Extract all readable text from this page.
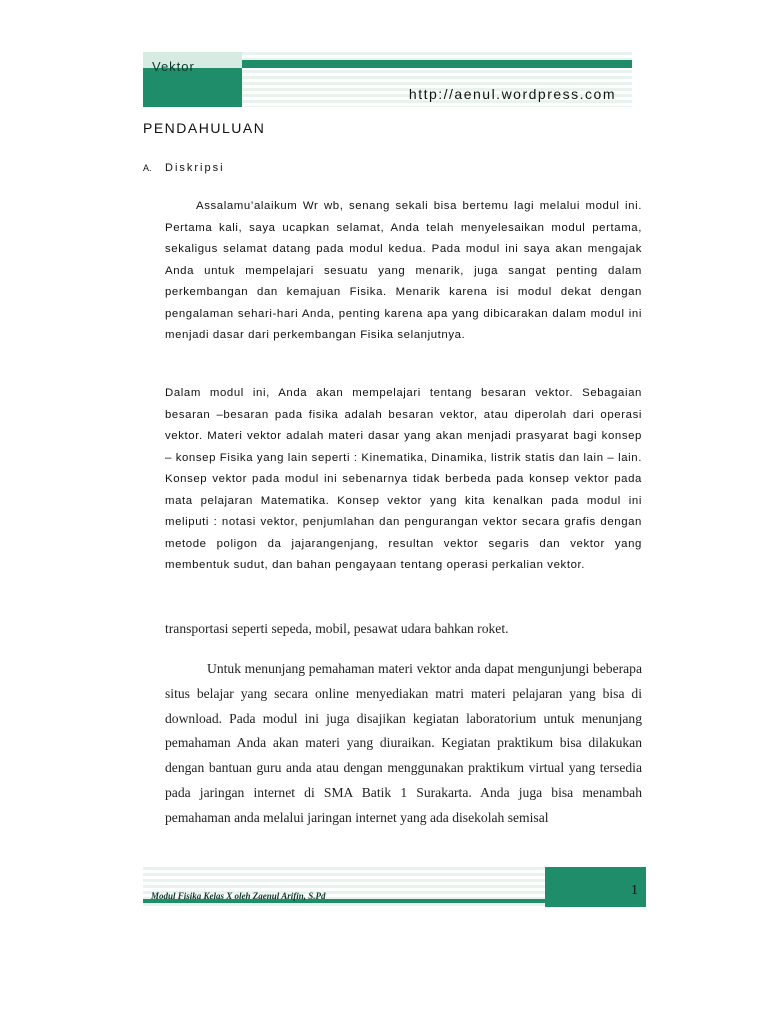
Vektor
http://aenul.wordpress.com
PENDAHULUAN
A. Diskripsi

Assalamu’alaikum Wr wb, senang sekali bisa bertemu lagi melalui modul ini. Pertama kali, saya ucapkan selamat, Anda telah menyelesaikan modul pertama, sekaligus selamat datang pada modul kedua. Pada modul ini saya akan mengajak Anda untuk mempelajari sesuatu yang menarik, juga sangat penting dalam perkembangan dan kemajuan Fisika. Menarik karena isi modul dekat dengan pengalaman sehari-hari Anda, penting karena apa yang dibicarakan dalam modul ini menjadi dasar dari perkembangan Fisika selanjutnya.

Dalam modul ini, Anda akan mempelajari tentang besaran vektor. Sebagaian besaran –besaran pada fisika adalah besaran vektor, atau diperolah dari operasi vektor. Materi vektor adalah materi dasar yang akan menjadi prasyarat bagi konsep – konsep Fisika yang lain seperti : Kinematika, Dinamika, listrik statis dan lain – lain. Konsep vektor pada modul ini sebenarnya tidak berbeda pada konsep vektor pada mata pelajaran Matematika. Konsep vektor yang kita kenalkan pada modul ini meliputi : notasi vektor, penjumlahan dan pengurangan vektor secara grafis dengan metode poligon da jajarangenjang, resultan vektor segaris dan vektor yang membentuk sudut, dan bahan pengayaan tentang operasi perkalian vektor.

transportasi seperti sepeda, mobil, pesawat udara bahkan roket.

Untuk menunjang pemahaman materi vektor anda dapat mengunjungi beberapa situs belajar yang secara online menyediakan matri materi pelajaran yang bisa di download. Pada modul ini juga disajikan kegiatan laboratorium untuk menunjang pemahaman Anda akan materi yang diuraikan. Kegiatan praktikum bisa dilakukan dengan bantuan guru anda atau dengan menggunakan praktikum virtual yang tersedia pada jaringan internet di SMA Batik 1 Surakarta. Anda juga bisa menambah pemahaman anda melalui jaringan internet yang ada disekolah semisal

Modul Fisika Kelas X oleh Zaenul Arifin, S.Pd	1
